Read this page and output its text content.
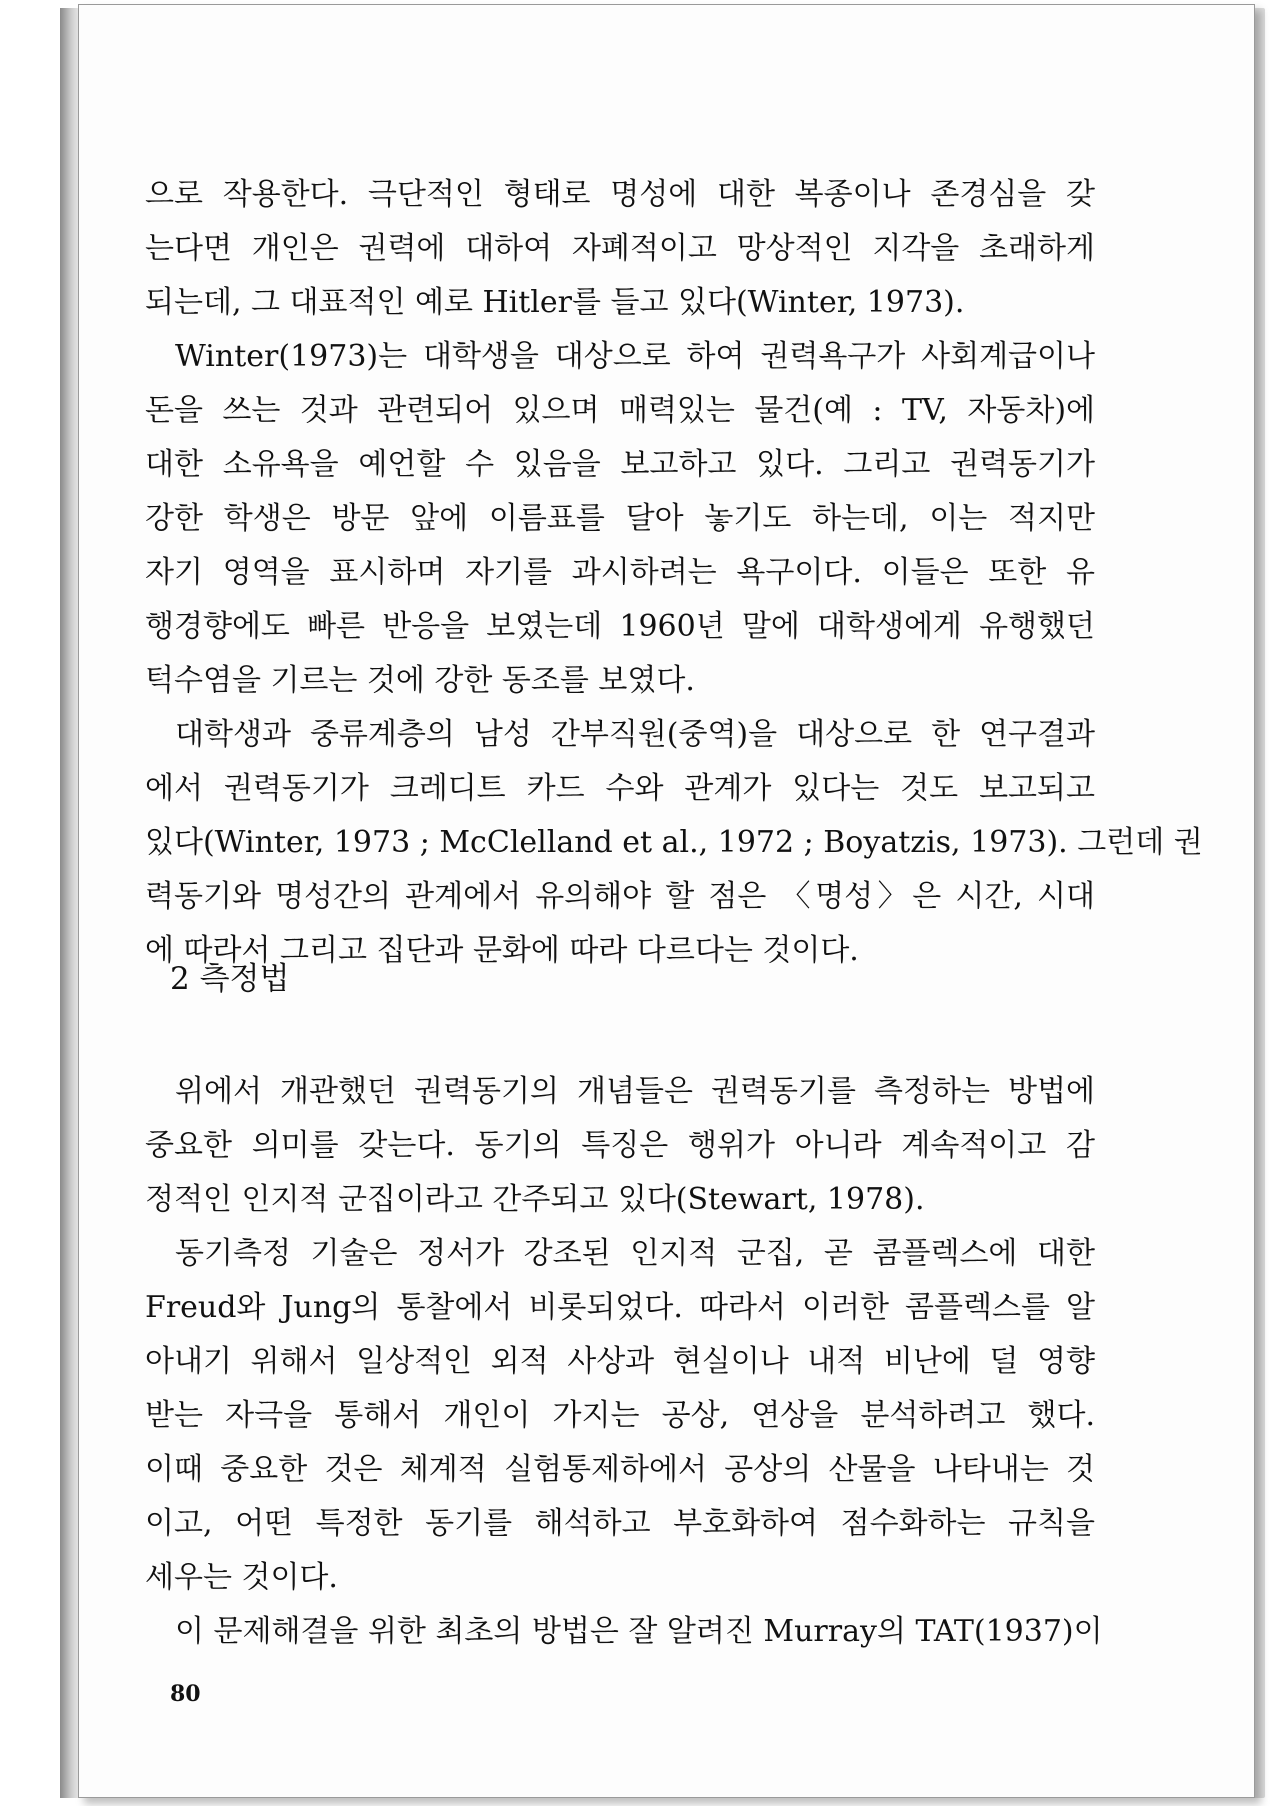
으로 작용한다. 극단적인 형태로 명성에 대한 복종이나 존경심을 갖
는다면 개인은 권력에 대하여 자폐적이고 망상적인 지각을 초래하게
되는데, 그 대표적인 예로 Hitler를 들고 있다(Winter, 1973).
Winter(1973)는 대학생을 대상으로 하여 권력욕구가 사회계급이나
돈을 쓰는 것과 관련되어 있으며 매력있는 물건(예 : TV, 자동차)에
대한 소유욕을 예언할 수 있음을 보고하고 있다. 그리고 권력동기가
강한 학생은 방문 앞에 이름표를 달아 놓기도 하는데, 이는 적지만
자기 영역을 표시하며 자기를 과시하려는 욕구이다. 이들은 또한 유
행경향에도 빠른 반응을 보였는데 1960년 말에 대학생에게 유행했던
턱수염을 기르는 것에 강한 동조를 보였다.
대학생과 중류계층의 남성 간부직원(중역)을 대상으로 한 연구결과
에서 권력동기가 크레디트 카드 수와 관계가 있다는 것도 보고되고
있다(Winter, 1973 ; McClelland et al., 1972 ; Boyatzis, 1973). 그런데 권
력동기와 명성간의 관계에서 유의해야 할 점은 〈명성〉은 시간, 시대
에 따라서 그리고 집단과 문화에 따라 다르다는 것이다.
2 측정법
위에서 개관했던 권력동기의 개념들은 권력동기를 측정하는 방법에
중요한 의미를 갖는다. 동기의 특징은 행위가 아니라 계속적이고 감
정적인 인지적 군집이라고 간주되고 있다(Stewart, 1978).
동기측정 기술은 정서가 강조된 인지적 군집, 곧 콤플렉스에 대한
Freud와 Jung의 통찰에서 비롯되었다. 따라서 이러한 콤플렉스를 알
아내기 위해서 일상적인 외적 사상과 현실이나 내적 비난에 덜 영향
받는 자극을 통해서 개인이 가지는 공상, 연상을 분석하려고 했다.
이때 중요한 것은 체계적 실험통제하에서 공상의 산물을 나타내는 것
이고, 어떤 특정한 동기를 해석하고 부호화하여 점수화하는 규칙을
세우는 것이다.
이 문제해결을 위한 최초의 방법은 잘 알려진 Murray의 TAT(1937)이
80
